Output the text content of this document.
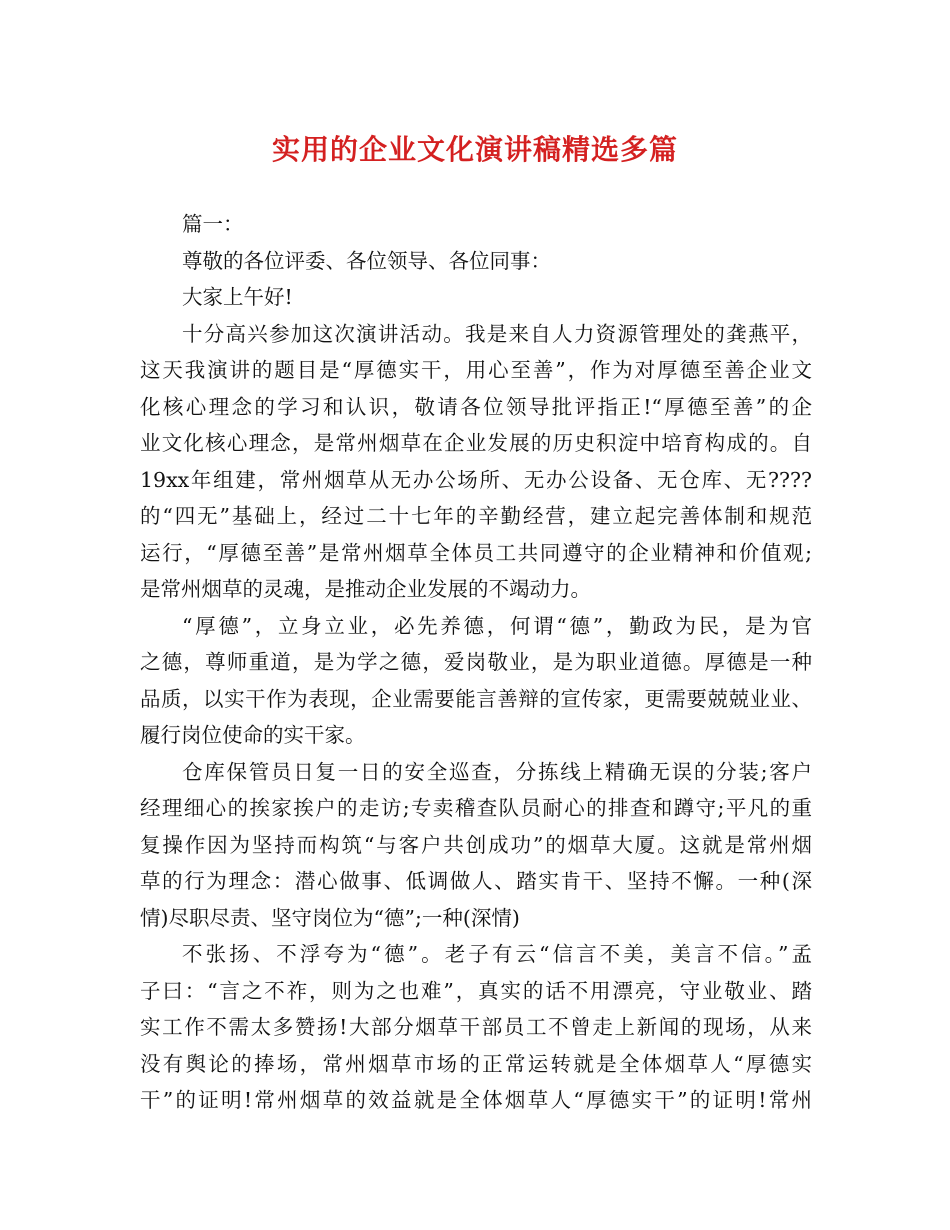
实用的企业文化演讲稿精选多篇

篇一：

尊敬的各位评委、各位领导、各位同事：

大家上午好!

十分高兴参加这次演讲活动。我是来自人力资源管理处的龚燕平，

这天我演讲的题目是“厚德实干，用心至善”，作为对厚德至善企业文

化核心理念的学习和认识，敬请各位领导批评指正!“厚德至善”的企

业文化核心理念，是常州烟草在企业发展的历史积淀中培育构成的。自

19xx年组建，常州烟草从无办公场所、无办公设备、无仓库、无????

的“四无”基础上，经过二十七年的辛勤经营，建立起完善体制和规范

运行，“厚德至善”是常州烟草全体员工共同遵守的企业精神和价值观;

是常州烟草的灵魂，是推动企业发展的不竭动力。

“厚德”，立身立业，必先养德，何谓“德”，勤政为民，是为官

之德，尊师重道，是为学之德，爱岗敬业，是为职业道德。厚德是一种

品质，以实干作为表现，企业需要能言善辩的宣传家，更需要兢兢业业、

履行岗位使命的实干家。

仓库保管员日复一日的安全巡查，分拣线上精确无误的分装;客户

经理细心的挨家挨户的走访;专卖稽查队员耐心的排查和蹲守;平凡的重

复操作因为坚持而构筑“与客户共创成功”的烟草大厦。这就是常州烟

草的行为理念：潜心做事、低调做人、踏实肯干、坚持不懈。一种(深

情)尽职尽责、坚守岗位为“德”;一种(深情)

不张扬、不浮夸为“德”。老子有云“信言不美，美言不信。”孟

子曰：“言之不祚，则为之也难”，真实的话不用漂亮，守业敬业、踏

实工作不需太多赞扬!大部分烟草干部员工不曾走上新闻的现场，从来

没有舆论的捧场，常州烟草市场的正常运转就是全体烟草人“厚德实

干”的证明!常州烟草的效益就是全体烟草人“厚德实干”的证明!常州
